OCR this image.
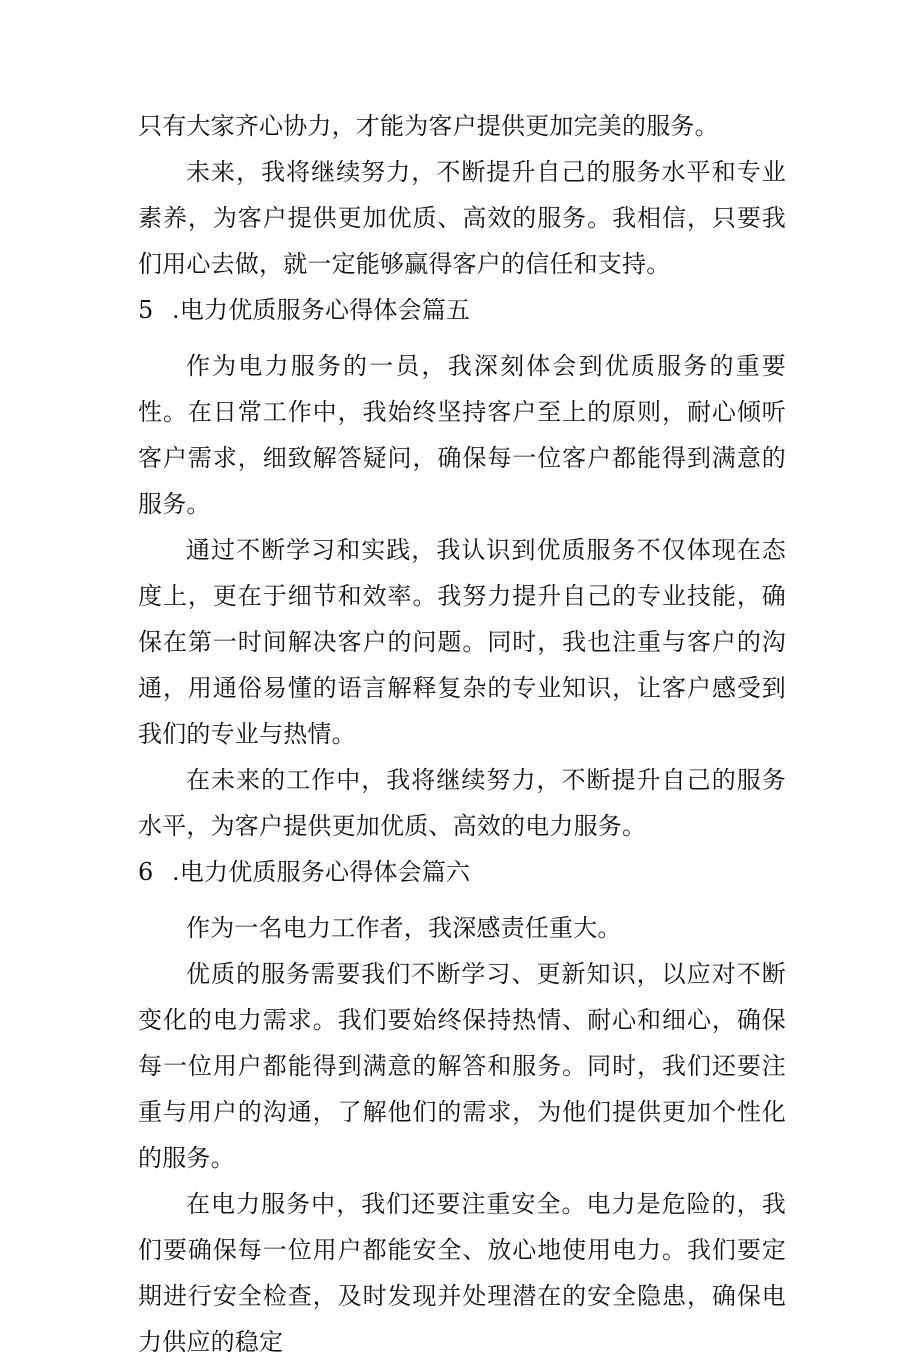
只有大家齐心协力，才能为客户提供更加完美的服务。

未来，我将继续努力，不断提升自己的服务水平和专业素养，为客户提供更加优质、高效的服务。我相信，只要我们用心去做，就一定能够赢得客户的信任和支持。

5 .电力优质服务心得体会篇五

作为电力服务的一员，我深刻体会到优质服务的重要性。在日常工作中，我始终坚持客户至上的原则，耐心倾听客户需求，细致解答疑问，确保每一位客户都能得到满意的服务。

通过不断学习和实践，我认识到优质服务不仅体现在态度上，更在于细节和效率。我努力提升自己的专业技能，确保在第一时间解决客户的问题。同时，我也注重与客户的沟通，用通俗易懂的语言解释复杂的专业知识，让客户感受到我们的专业与热情。

在未来的工作中，我将继续努力，不断提升自己的服务水平，为客户提供更加优质、高效的电力服务。

6 .电力优质服务心得体会篇六

作为一名电力工作者，我深感责任重大。

优质的服务需要我们不断学习、更新知识，以应对不断变化的电力需求。我们要始终保持热情、耐心和细心，确保每一位用户都能得到满意的解答和服务。同时，我们还要注重与用户的沟通，了解他们的需求，为他们提供更加个性化的服务。

在电力服务中，我们还要注重安全。电力是危险的，我们要确保每一位用户都能安全、放心地使用电力。我们要定期进行安全检查，及时发现并处理潜在的安全隐患，确保电力供应的稳定
